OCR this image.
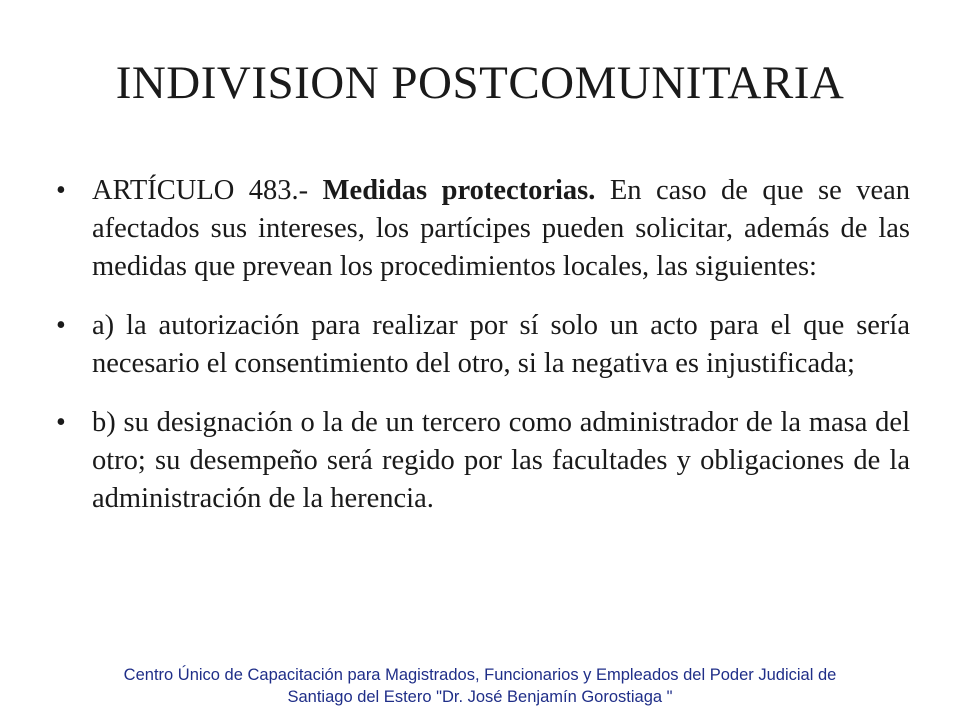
INDIVISION POSTCOMUNITARIA
• ARTÍCULO 483.- Medidas protectorias. En caso de que se vean afectados sus intereses, los partícipes pueden solicitar, además de las medidas que prevean los procedimientos locales, las siguientes:
• a) la autorización para realizar por sí solo un acto para el que sería necesario el consentimiento del otro, si la negativa es injustificada;
• b) su designación o la de un tercero como administrador de la masa del otro; su desempeño será regido por las facultades y obligaciones de la administración de la herencia.
Centro Único de Capacitación para Magistrados, Funcionarios y Empleados del Poder Judicial de
Santiago del Estero "Dr. José Benjamín Gorostiaga "
